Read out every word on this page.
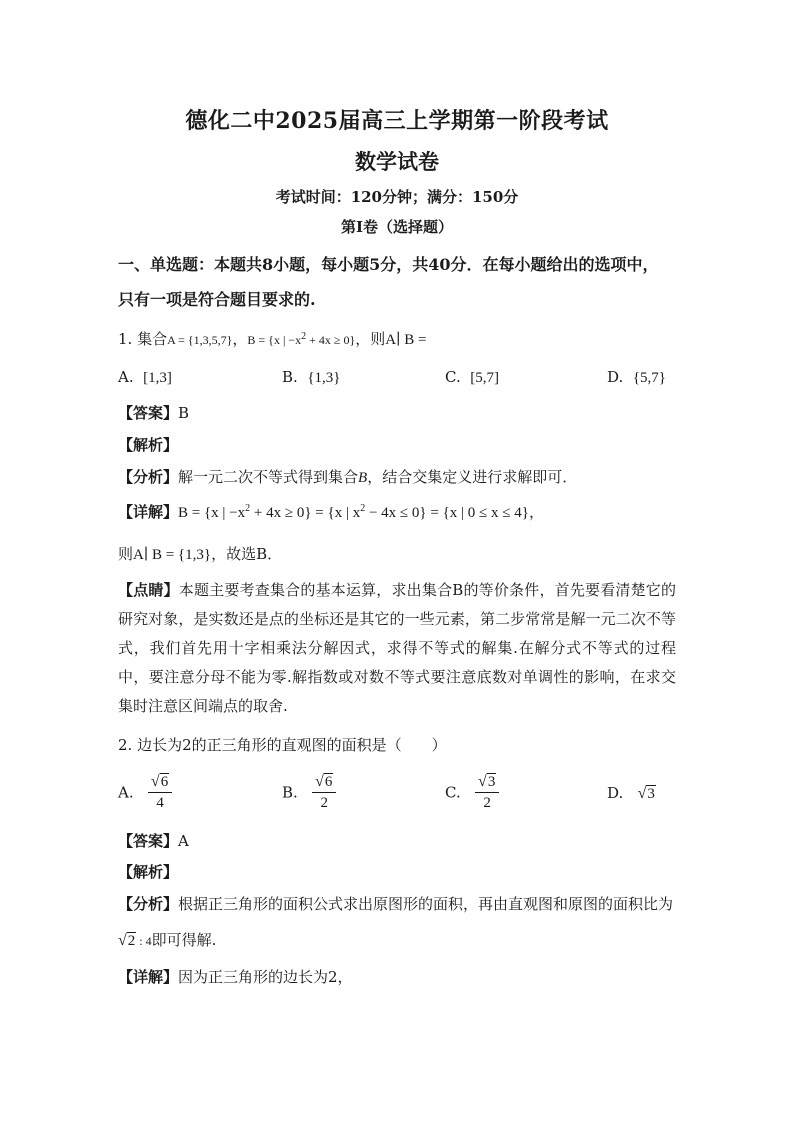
德化二中2025届高三上学期第一阶段考试
数学试卷
考试时间：120分钟；满分：150分
第I卷（选择题）
一、单选题：本题共8小题，每小题5分，共40分．在每小题给出的选项中，
只有一项是符合题目要求的.
1. 集合A = {1,3,5,7}，B = {x | $-x^2 + 4x \ge 0$}，则A∣ B =
A. [1,3]	B. {1,3}	C. [5,7]	D. {5,7}
【答案】B
【解析】
【分析】解一元二次不等式得到集合B，结合交集定义进行求解即可．
【详解】B = {x | $-x^2 + 4x \ge 0\} = \{x$ | $x^2 - 4x \le 0\} = \{x$ | 0 ≤ x ≤ 4}，
则A∣ B = {1,3}，故选B．
【点睛】本题主要考查集合的基本运算，求出集合B的等价条件，首先要看清楚它的研究对象，是实数还是点的坐标还是其它的一些元素，第二步常常是解一元二次不等式，我们首先用十字相乘法分解因式，求得不等式的解集.在解分式不等式的过程中，要注意分母不能为零.解指数或对数不等式要注意底数对单调性的影响，在求交集时注意区间端点的取舍.
2. 边长为2的正三角形的直观图的面积是（　　）
A. $\frac{√6}{4}$	B. $\frac{√6}{2}$	C. $\frac{√3}{2}$	D. √3
【答案】A
【解析】
【分析】根据正三角形的面积公式求出原图形的面积，再由直观图和原图的面积比为
√2 : 4即可得解.
【详解】因为正三角形的边长为2，
